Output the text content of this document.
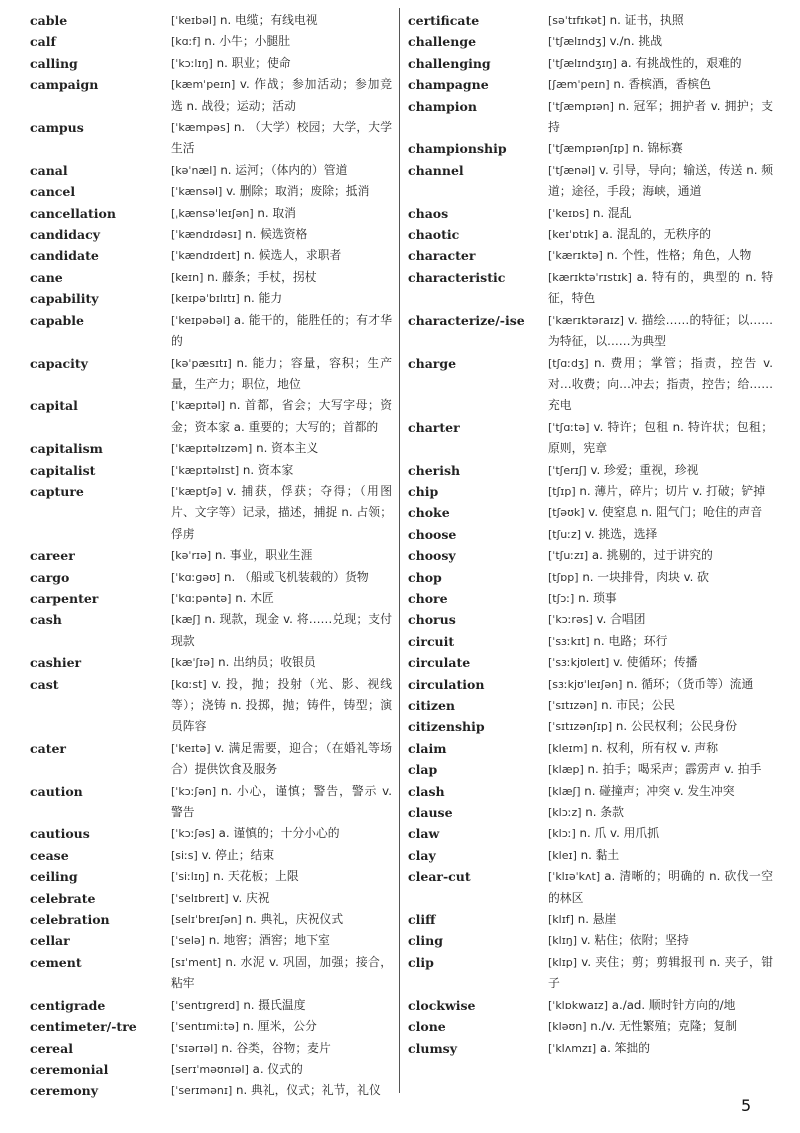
cable	[ˈkeɪbəl] n. 电缆；有线电视
calf	[kɑːf] n. 小牛；小腿肚
calling	[ˈkɔːlɪŋ] n. 职业；使命
campaign	[kæmˈpeɪn] v. 作战；参加活动；参加竞选 n. 战役；运动；活动
campus	[ˈkæmpəs] n. （大学）校园；大学，大学生活
canal	[kəˈnæl] n. 运河；（体内的）管道
cancel	[ˈkænsəl] v. 删除；取消；废除；抵消
cancellation	[ˌkænsəˈleɪʃən] n. 取消
candidacy	[ˈkændɪdəsɪ] n. 候选资格
candidate	[ˈkændɪdeɪt] n. 候选人，求职者
cane	[keɪn] n. 藤条；手杖，拐杖
capability	[keɪpəˈbɪlɪtɪ] n. 能力
capable	[ˈkeɪpəbəl] a. 能干的，能胜任的；有才华的
capacity	[kəˈpæsɪtɪ] n. 能力；容量，容积；生产量，生产力；职位，地位
capital	[ˈkæpɪtəl] n. 首都，省会；大写字母；资金；资本家 a. 重要的；大写的；首都的
capitalism	[ˈkæpɪtəlɪzəm] n. 资本主义
capitalist	[ˈkæpɪtəlɪst] n. 资本家
capture	[ˈkæptʃə] v. 捕获，俘获；夺得；（用图片、文字等）记录，描述，捕捉 n. 占领；俘虏
career	[kəˈrɪə] n. 事业，职业生涯
cargo	[ˈkɑːɡəʊ] n. （船或飞机装载的）货物
carpenter	[ˈkɑːpəntə] n. 木匠
cash	[kæʃ] n. 现款，现金 v. 将……兑现；支付现款
cashier	[kæˈʃɪə] n. 出纳员；收银员
cast	[kɑːst] v. 投，抛；投射（光、影、视线等）；浇铸 n. 投掷，抛；铸件，铸型；演员阵容
cater	[ˈkeɪtə] v. 满足需要，迎合；（在婚礼等场合）提供饮食及服务
caution	[ˈkɔːʃən] n. 小心，谨慎；警告，警示 v. 警告
cautious	[ˈkɔːʃəs] a. 谨慎的；十分小心的
cease	[siːs] v. 停止；结束
ceiling	[ˈsiːlɪŋ] n. 天花板；上限
celebrate	[ˈselɪbreɪt] v. 庆祝
celebration	[selɪˈbreɪʃən] n. 典礼，庆祝仪式
cellar	[ˈselə] n. 地窖；酒窖；地下室
cement	[sɪˈment] n. 水泥 v. 巩固，加强；接合，粘牢
centigrade	[ˈsentɪɡreɪd] n. 摄氏温度
centimeter/-tre	[ˈsentɪmiːtə] n. 厘米，公分
cereal	[ˈsɪərɪəl] n. 谷类，谷物；麦片
ceremonial	[serɪˈməʊnɪəl] a. 仪式的
ceremony	[ˈserɪmənɪ] n. 典礼，仪式；礼节，礼仪
certificate	[səˈtɪfɪkət] n. 证书，执照
challenge	[ˈtʃælɪndʒ] v./n. 挑战
challenging	[ˈtʃælɪndʒɪŋ] a. 有挑战性的，艰难的
champagne	[ʃæmˈpeɪn] n. 香槟酒，香槟色
champion	[ˈtʃæmpɪən] n. 冠军；拥护者 v. 拥护；支持
championship	[ˈtʃæmpɪənʃɪp] n. 锦标赛
channel	[ˈtʃænəl] v. 引导，导向；输送，传送 n. 频道；途径，手段；海峡，通道
chaos	[ˈkeɪɒs] n. 混乱
chaotic	[keɪˈɒtɪk] a. 混乱的，无秩序的
character	[ˈkærɪktə] n. 个性，性格；角色，人物
characteristic	[kærɪktəˈrɪstɪk] a. 特有的，典型的 n. 特征，特色
characterize/-ise	[ˈkærɪktəraɪz] v. 描绘……的特征；以……为特征，以……为典型
charge	[tʃɑːdʒ] n. 费用；掌管；指责，控告 v. 对…收费；向…冲去；指责，控告；给……充电
charter	[ˈtʃɑːtə] v. 特许；包租 n. 特许状；包租；原则，宪章
cherish	[ˈtʃerɪʃ] v. 珍爱；重视，珍视
chip	[tʃɪp] n. 薄片，碎片；切片 v. 打破；铲掉
choke	[tʃəʊk] v. 使窒息 n. 阻气门；呛住的声音
choose	[tʃuːz] v. 挑选，选择
choosy	[ˈtʃuːzɪ] a. 挑剔的，过于讲究的
chop	[tʃɒp] n. 一块排骨，肉块 v. 砍
chore	[tʃɔː] n. 琐事
chorus	[ˈkɔːrəs] v. 合唱团
circuit	[ˈsɜːkɪt] n. 电路；环行
circulate	[ˈsɜːkjʊleɪt] v. 使循环；传播
circulation	[sɜːkjʊˈleɪʃən] n. 循环；（货币等）流通
citizen	[ˈsɪtɪzən] n. 市民；公民
citizenship	[ˈsɪtɪzənʃɪp] n. 公民权利；公民身份
claim	[kleɪm] n. 权利，所有权 v. 声称
clap	[klæp] n. 拍手；喝采声；霹雳声 v. 拍手
clash	[klæʃ] n. 碰撞声；冲突 v. 发生冲突
clause	[klɔːz] n. 条款
claw	[klɔː] n. 爪 v. 用爪抓
clay	[kleɪ] n. 黏土
clear-cut	[ˈklɪəˈkʌt] a. 清晰的；明确的 n. 砍伐一空的林区
cliff	[klɪf] n. 悬崖
cling	[klɪŋ] v. 粘住；依附；坚持
clip	[klɪp] v. 夹住；剪；剪辑报刊 n. 夹子，钳子
clockwise	[ˈklɒkwaɪz] a./ad. 顺时针方向的/地
clone	[kləʊn] n./v. 无性繁殖；克隆；复制
clumsy	[ˈklʌmzɪ] a. 笨拙的
5
